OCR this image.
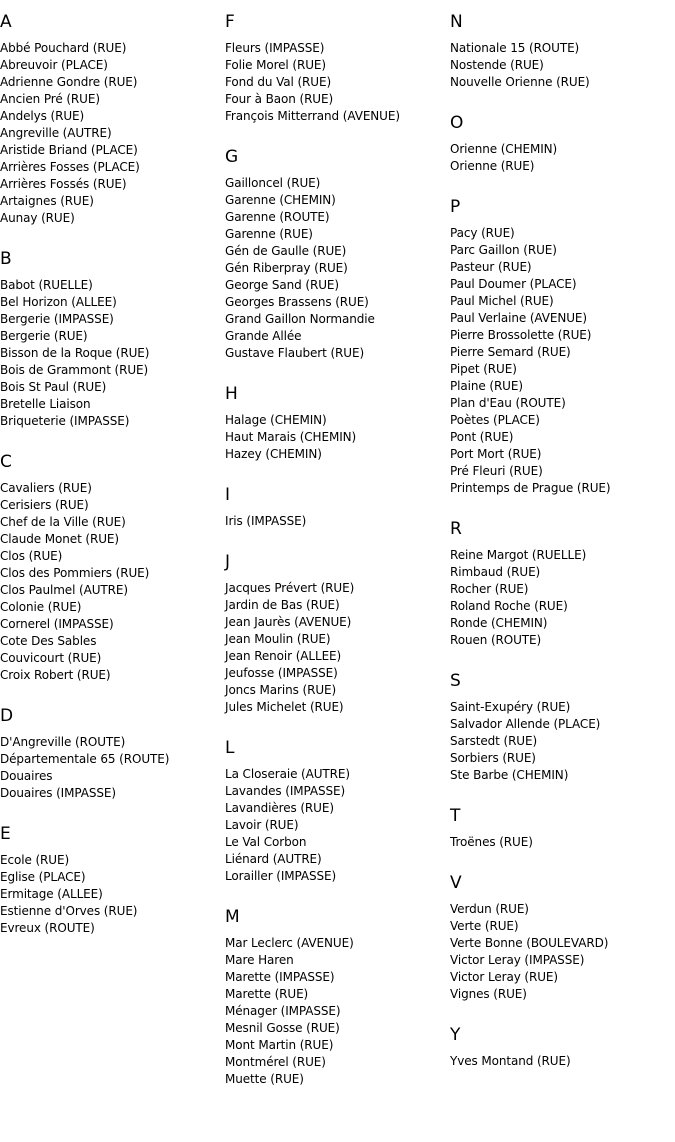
A
Abbé Pouchard (RUE)
Abreuvoir (PLACE)
Adrienne Gondre (RUE)
Ancien Pré (RUE)
Andelys (RUE)
Angreville (AUTRE)
Aristide Briand (PLACE)
Arrières Fosses (PLACE)
Arrières Fossés (RUE)
Artaignes (RUE)
Aunay (RUE)
B
Babot (RUELLE)
Bel Horizon (ALLEE)
Bergerie (IMPASSE)
Bergerie (RUE)
Bisson de la Roque (RUE)
Bois de Grammont (RUE)
Bois St Paul (RUE)
Bretelle Liaison
Briqueterie (IMPASSE)
C
Cavaliers (RUE)
Cerisiers (RUE)
Chef de la Ville (RUE)
Claude Monet (RUE)
Clos (RUE)
Clos des Pommiers (RUE)
Clos Paulmel (AUTRE)
Colonie (RUE)
Cornerel (IMPASSE)
Cote Des Sables
Couvicourt (RUE)
Croix Robert (RUE)
D
D'Angreville (ROUTE)
Départementale 65 (ROUTE)
Douaires
Douaires (IMPASSE)
E
Ecole (RUE)
Eglise (PLACE)
Ermitage (ALLEE)
Estienne d'Orves (RUE)
Evreux (ROUTE)
F
Fleurs (IMPASSE)
Folie Morel (RUE)
Fond du Val (RUE)
Four à Baon (RUE)
François Mitterrand (AVENUE)
G
Gailloncel (RUE)
Garenne (CHEMIN)
Garenne (ROUTE)
Garenne (RUE)
Gén de Gaulle (RUE)
Gén Riberpray (RUE)
George Sand (RUE)
Georges Brassens (RUE)
Grand Gaillon Normandie
Grande Allée
Gustave Flaubert (RUE)
H
Halage (CHEMIN)
Haut Marais (CHEMIN)
Hazey (CHEMIN)
I
Iris (IMPASSE)
J
Jacques Prévert (RUE)
Jardin de Bas (RUE)
Jean Jaurès (AVENUE)
Jean Moulin (RUE)
Jean Renoir (ALLEE)
Jeufosse (IMPASSE)
Joncs Marins (RUE)
Jules Michelet (RUE)
L
La Closeraie (AUTRE)
Lavandes (IMPASSE)
Lavandières (RUE)
Lavoir (RUE)
Le Val Corbon
Liénard (AUTRE)
Lorailler (IMPASSE)
M
Mar Leclerc (AVENUE)
Mare Haren
Marette (IMPASSE)
Marette (RUE)
Ménager (IMPASSE)
Mesnil Gosse (RUE)
Mont Martin (RUE)
Montmérel (RUE)
Muette (RUE)
N
Nationale 15 (ROUTE)
Nostende (RUE)
Nouvelle Orienne (RUE)
O
Orienne (CHEMIN)
Orienne (RUE)
P
Pacy (RUE)
Parc Gaillon (RUE)
Pasteur (RUE)
Paul Doumer (PLACE)
Paul Michel (RUE)
Paul Verlaine (AVENUE)
Pierre Brossolette (RUE)
Pierre Semard (RUE)
Pipet (RUE)
Plaine (RUE)
Plan d'Eau (ROUTE)
Poètes (PLACE)
Pont (RUE)
Port Mort (RUE)
Pré Fleuri (RUE)
Printemps de Prague (RUE)
R
Reine Margot (RUELLE)
Rimbaud (RUE)
Rocher (RUE)
Roland Roche (RUE)
Ronde (CHEMIN)
Rouen (ROUTE)
S
Saint-Exupéry (RUE)
Salvador Allende (PLACE)
Sarstedt (RUE)
Sorbiers (RUE)
Ste Barbe (CHEMIN)
T
Troënes (RUE)
V
Verdun (RUE)
Verte (RUE)
Verte Bonne (BOULEVARD)
Victor Leray (IMPASSE)
Victor Leray (RUE)
Vignes (RUE)
Y
Yves Montand (RUE)
